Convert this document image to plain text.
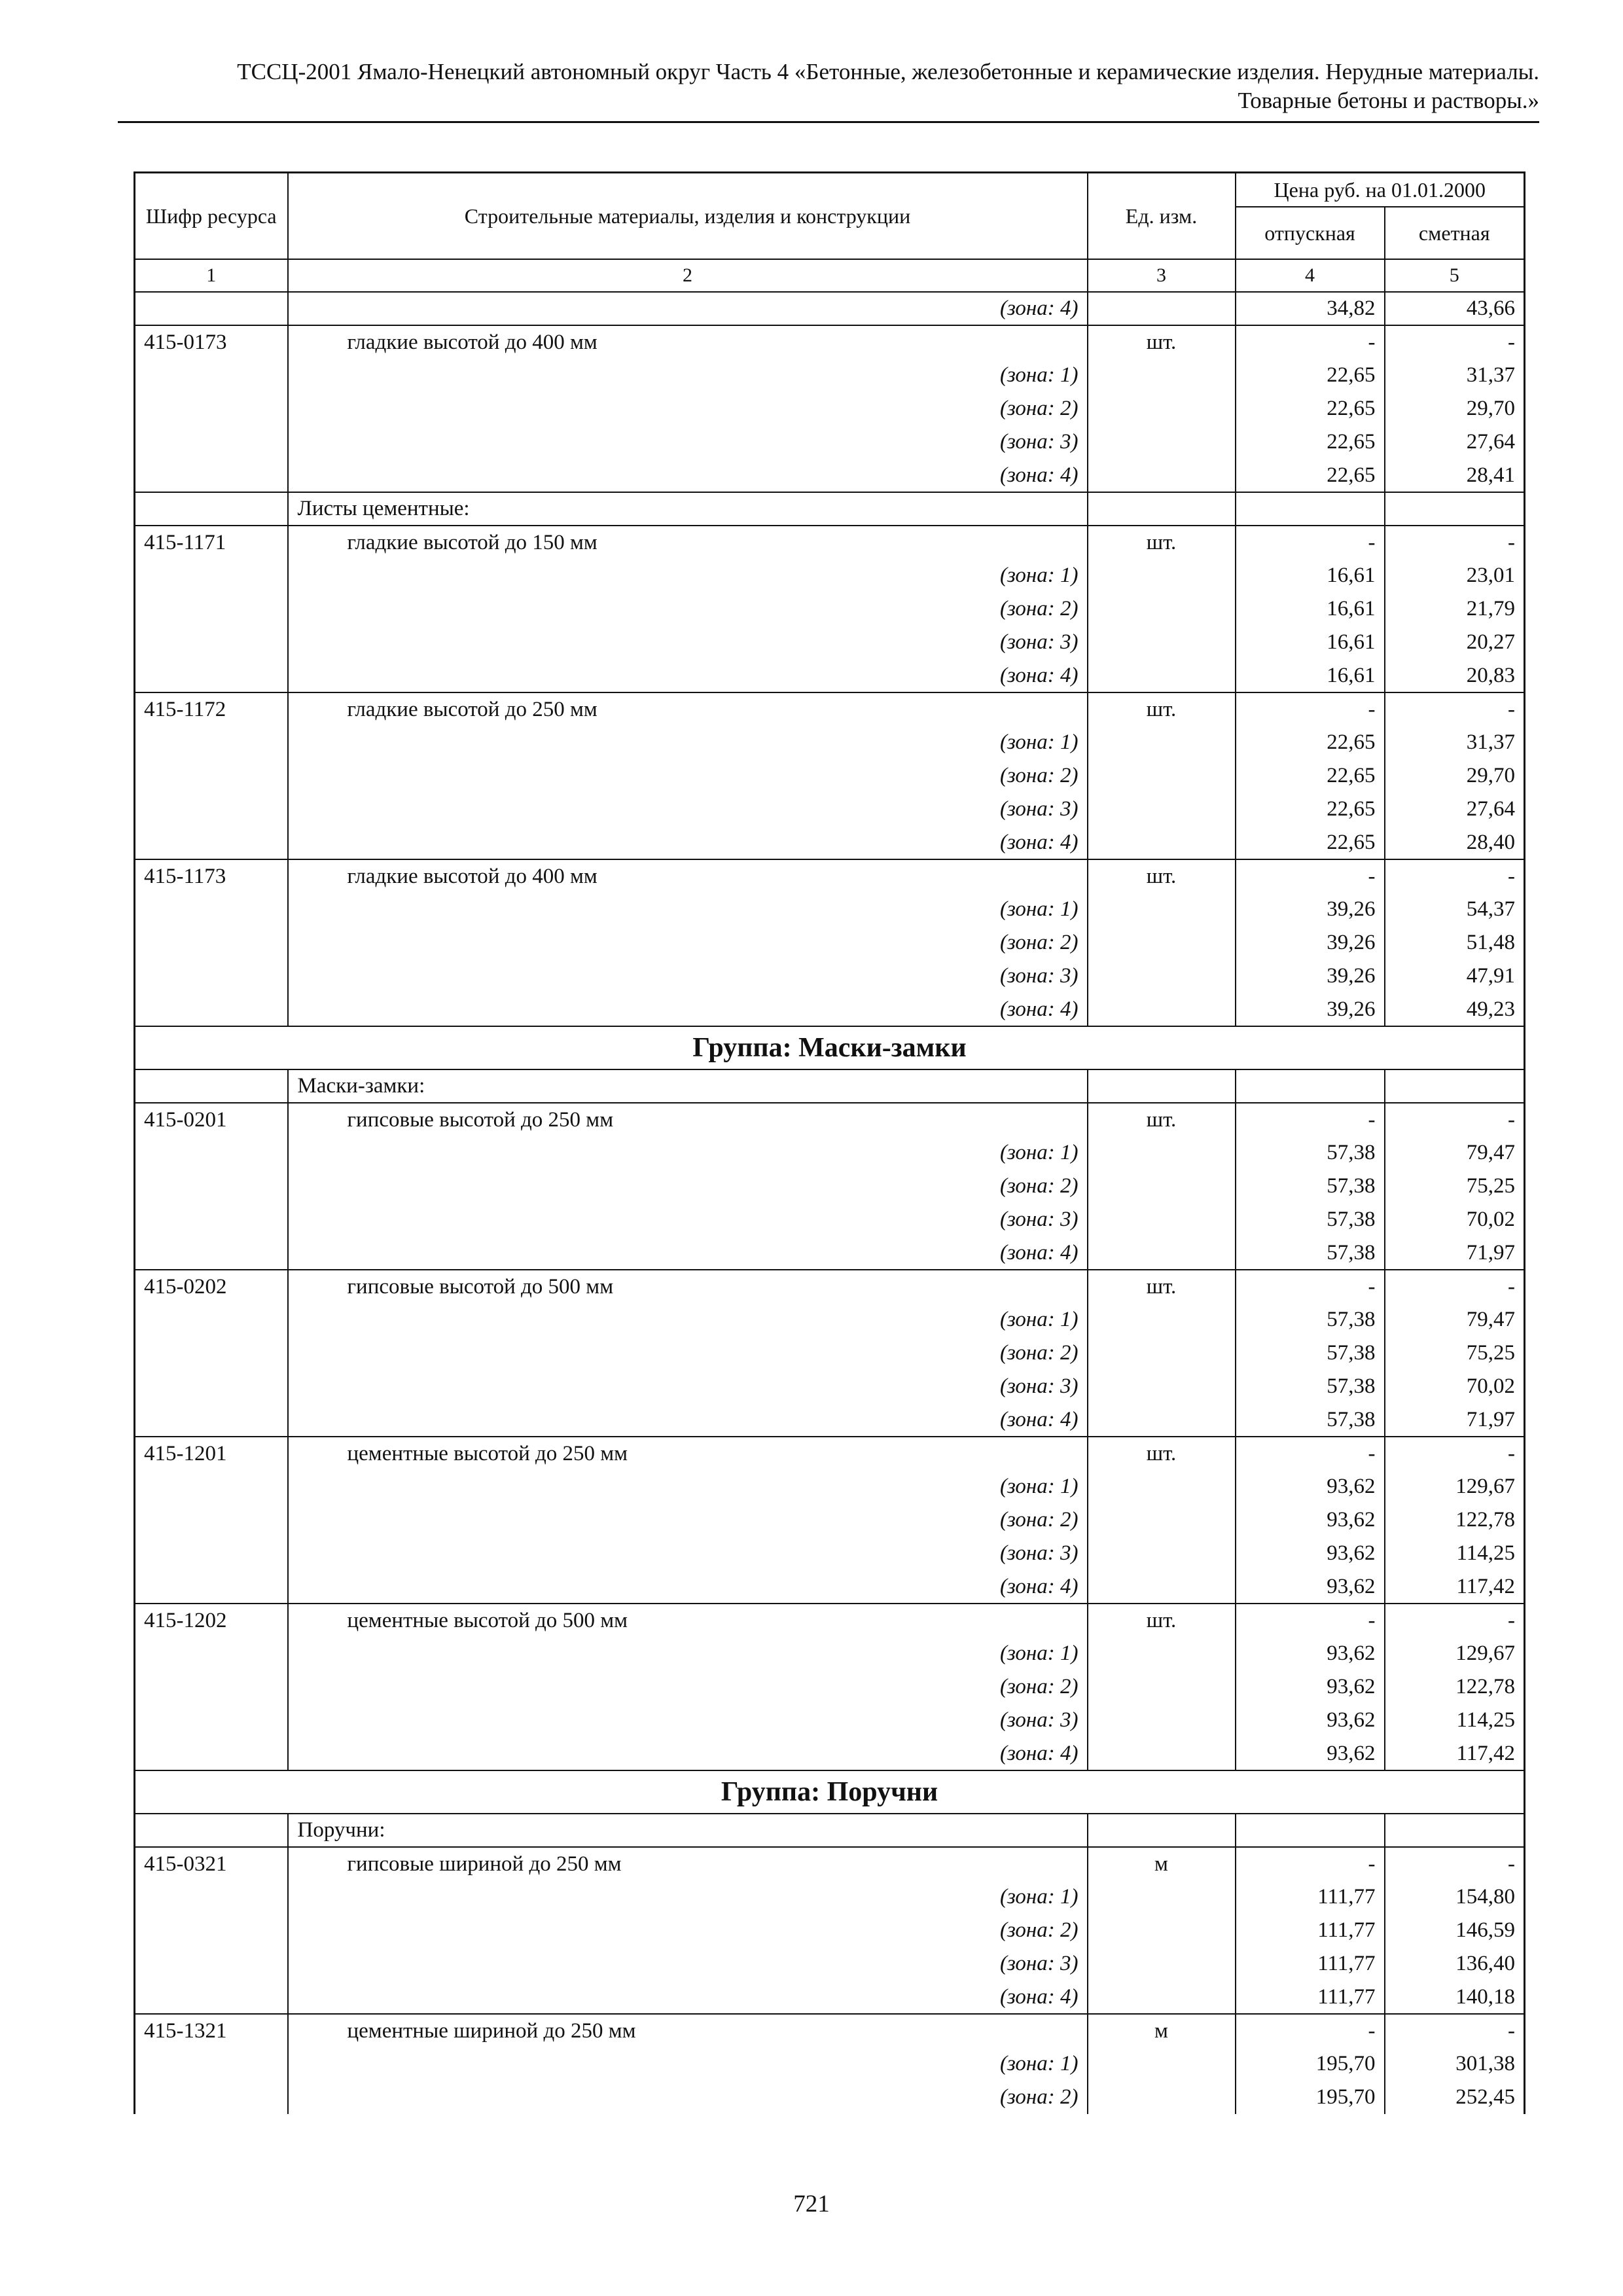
ТССЦ-2001 Ямало-Ненецкий автономный округ Часть 4 «Бетонные, железобетонные и керамические изделия. Нерудные материалы.
Товарные бетоны и растворы.»
Шифр ресурса	Строительные материалы, изделия и конструкции	Ед. изм.	Цена руб. на 01.01.2000	
			отпускная	сметная
1	2	3	4	5
	(зона: 4)		34,82	43,66
415-0173	гладкие высотой до 400 мм	шт.	-	-
	(зона: 1)		22,65	31,37
	(зона: 2)		22,65	29,70
	(зона: 3)		22,65	27,64
	(зона: 4)		22,65	28,41
	Листы цементные:			
415-1171	гладкие высотой до 150 мм	шт.	-	-
	(зона: 1)		16,61	23,01
	(зона: 2)		16,61	21,79
	(зона: 3)		16,61	20,27
	(зона: 4)		16,61	20,83
415-1172	гладкие высотой до 250 мм	шт.	-	-
	(зона: 1)		22,65	31,37
	(зона: 2)		22,65	29,70
	(зона: 3)		22,65	27,64
	(зона: 4)		22,65	28,40
415-1173	гладкие высотой до 400 мм	шт.	-	-
	(зона: 1)		39,26	54,37
	(зона: 2)		39,26	51,48
	(зона: 3)		39,26	47,91
	(зона: 4)		39,26	49,23
Группа: Маски-замки				
	Маски-замки:			
415-0201	гипсовые высотой до 250 мм	шт.	-	-
	(зона: 1)		57,38	79,47
	(зона: 2)		57,38	75,25
	(зона: 3)		57,38	70,02
	(зона: 4)		57,38	71,97
415-0202	гипсовые высотой до 500 мм	шт.	-	-
	(зона: 1)		57,38	79,47
	(зона: 2)		57,38	75,25
	(зона: 3)		57,38	70,02
	(зона: 4)		57,38	71,97
415-1201	цементные высотой до 250 мм	шт.	-	-
	(зона: 1)		93,62	129,67
	(зона: 2)		93,62	122,78
	(зона: 3)		93,62	114,25
	(зона: 4)		93,62	117,42
415-1202	цементные высотой до 500 мм	шт.	-	-
	(зона: 1)		93,62	129,67
	(зона: 2)		93,62	122,78
	(зона: 3)		93,62	114,25
	(зона: 4)		93,62	117,42
Группа: Поручни				
	Поручни:			
415-0321	гипсовые шириной до 250 мм	м	-	-
	(зона: 1)		111,77	154,80
	(зона: 2)		111,77	146,59
	(зона: 3)		111,77	136,40
	(зона: 4)		111,77	140,18
415-1321	цементные шириной до 250 мм	м	-	-
	(зона: 1)		195,70	301,38
	(зона: 2)		195,70	252,45
721
